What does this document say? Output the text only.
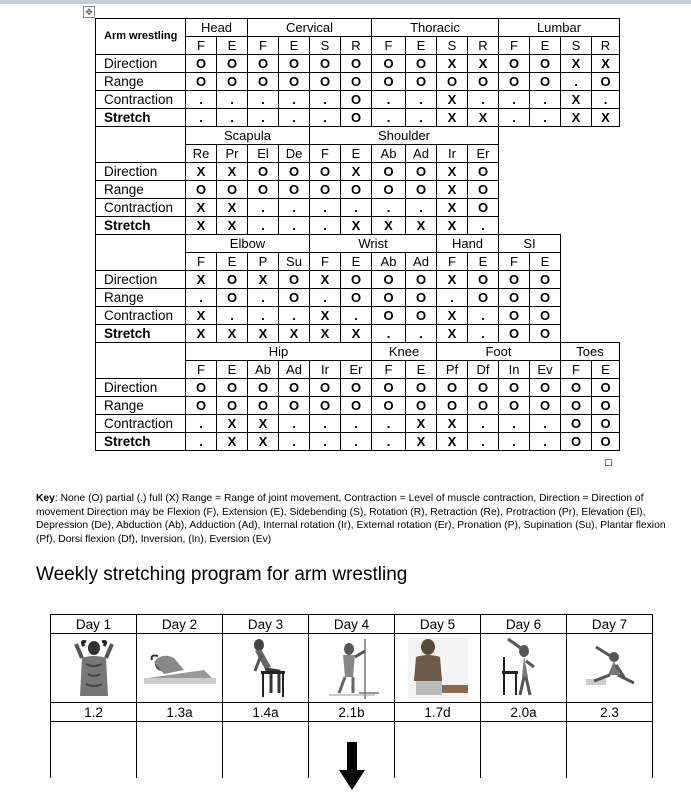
✥
Arm wrestling	Head		Cervical				Thoracic				Lumbar			
	F	E	F	E	S	R	F	E	S	R	F	E	S	R
Direction	O	O	O	O	O	O	O	O	X	X	O	O	X	X
Range	O	O	O	O	O	O	O	O	O	O	O	O	.	O
Contraction	.	.	.	.	.	O	.	.	X	.	.	.	X	.
Stretch	.	.	.	.	.	O	.	.	X	X	.	.	X	X
	Scapula				Shoulder									
	Re	Pr	El	De	F	E	Ab	Ad	Ir	Er				
Direction	X	X	O	O	O	X	O	O	X	O				
Range	O	O	O	O	O	O	O	O	X	O				
Contraction	X	X	.	.	.	.	.	.	X	O				
Stretch	X	X	.	.	.	X	X	X	X	.				
	Elbow				Wrist				Hand		SI			
	F	E	P	Su	F	E	Ab	Ad	F	E	F	E		
Direction	X	O	X	O	X	O	O	O	X	O	O	O		
Range	.	O	.	O	.	O	O	O	.	O	O	O		
Contraction	X	.	.	.	X	.	O	O	X	.	O	O		
Stretch	X	X	X	X	X	X	.	.	X	.	O	O		
	Hip						Knee		Foot				Toes	
	F	E	Ab	Ad	Ir	Er	F	E	Pf	Df	In	Ev	F	E
Direction	O	O	O	O	O	O	O	O	O	O	O	O	O	O
Range	O	O	O	O	O	O	O	O	O	O	O	O	O	O
Contraction	.	X	X	.	.	.	.	X	X	.	.	.	O	O
Stretch	.	X	X	.	.	.	.	X	X	.	.	.	O	O
Key: None (O) partial (.) full (X) Range = Range of joint movement, Contraction = Level of muscle contraction, Direction = Direction of movement Direction may be Flexion (F), Extension (E), Sidebending (S), Rotation (R), Retraction (Re), Protraction (Pr), Elevation (El), Depression (De), Abduction (Ab), Adduction (Ad), Internal rotation (Ir), External rotation (Er), Pronation (P), Supination (Su), Plantar flexion (Pf), Dorsi flexion (Df), Inversion, (In), Eversion (Ev)
Weekly stretching program for arm wrestling
Day 1	Day 2	Day 3	Day 4	Day 5	Day 6	Day 7

1.2	1.3a	1.4a	2.1b	1.7d	2.0a	2.3
